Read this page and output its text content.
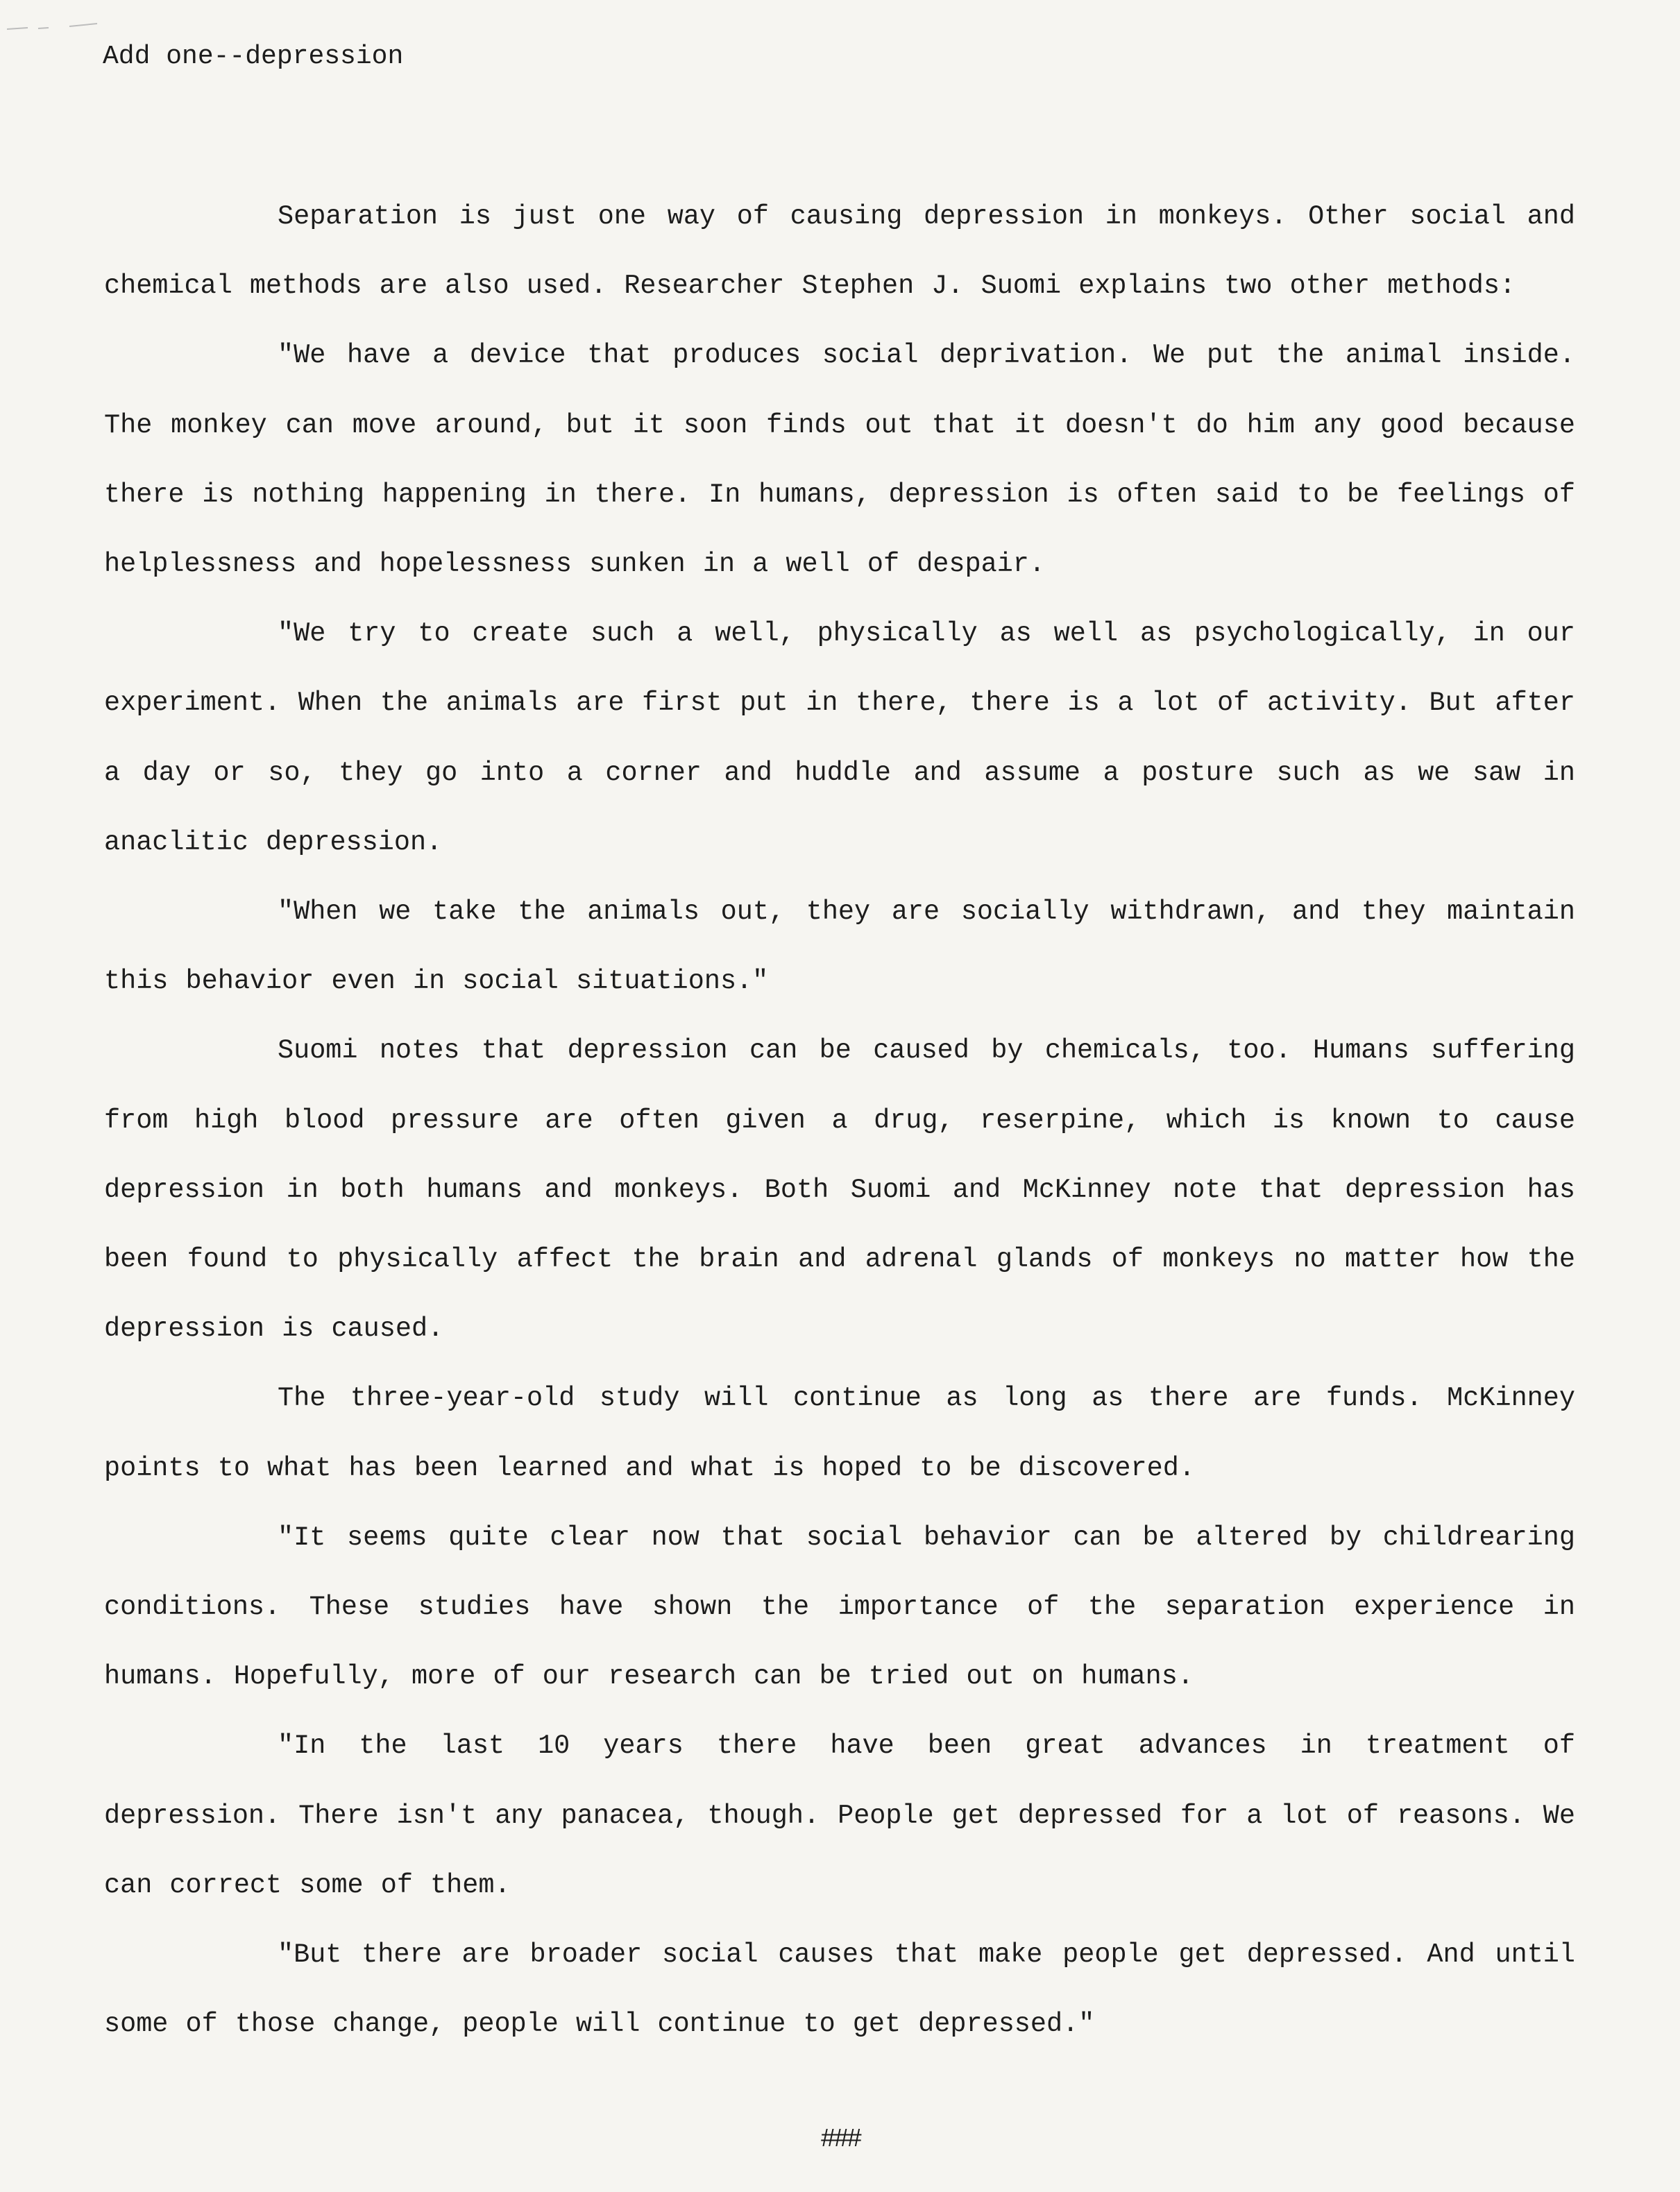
Add one--depression

Separation is just one way of causing depression in monkeys. Other social and chemical methods are also used. Researcher Stephen J. Suomi explains two other methods:

"We have a device that produces social deprivation. We put the animal inside. The monkey can move around, but it soon finds out that it doesn't do him any good because there is nothing happening in there. In humans, depression is often said to be feelings of helplessness and hopelessness sunken in a well of despair.

"We try to create such a well, physically as well as psychologically, in our experiment. When the animals are first put in there, there is a lot of activity. But after a day or so, they go into a corner and huddle and assume a posture such as we saw in anaclitic depression.

"When we take the animals out, they are socially withdrawn, and they maintain this behavior even in social situations."

Suomi notes that depression can be caused by chemicals, too. Humans suffering from high blood pressure are often given a drug, reserpine, which is known to cause depression in both humans and monkeys. Both Suomi and McKinney note that depression has been found to physically affect the brain and adrenal glands of monkeys no matter how the depression is caused.

The three-year-old study will continue as long as there are funds. McKinney points to what has been learned and what is hoped to be discovered.

"It seems quite clear now that social behavior can be altered by childrearing conditions. These studies have shown the importance of the separation experience in humans. Hopefully, more of our research can be tried out on humans.

"In the last 10 years there have been great advances in treatment of depression. There isn't any panacea, though. People get depressed for a lot of reasons. We can correct some of them.

"But there are broader social causes that make people get depressed. And until some of those change, people will continue to get depressed."

###
